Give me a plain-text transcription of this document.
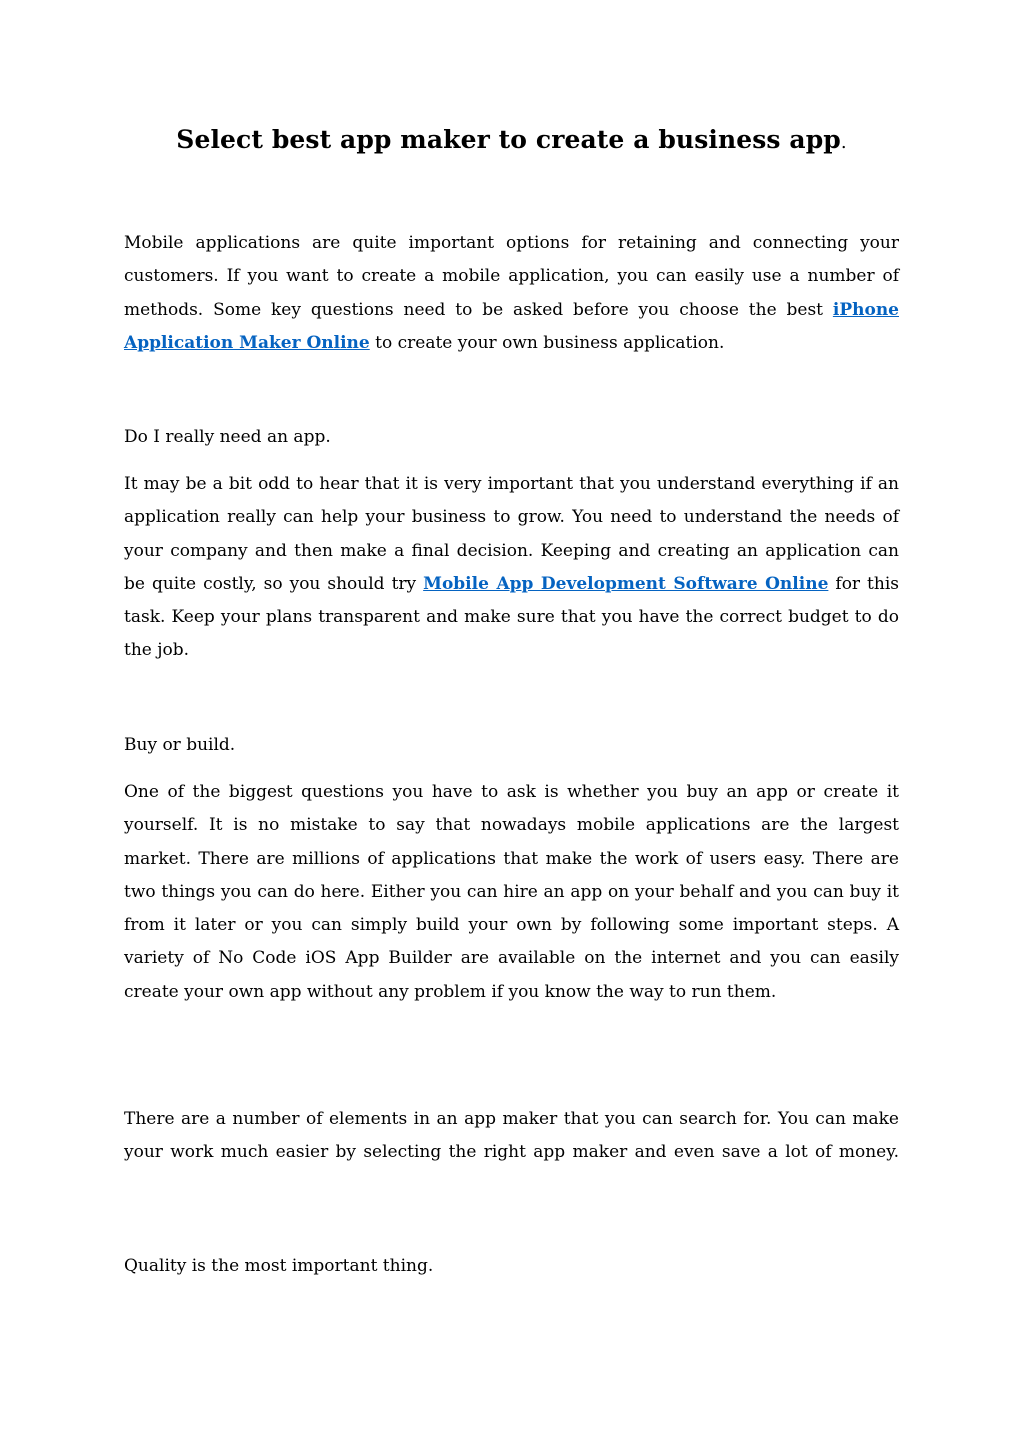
Select best app maker to create a business app.

Mobile applications are quite important options for retaining and connecting your customers. If you want to create a mobile application, you can easily use a number of methods. Some key questions need to be asked before you choose the best iPhone Application Maker Online to create your own business application.

Do I really need an app.

It may be a bit odd to hear that it is very important that you understand everything if an application really can help your business to grow. You need to understand the needs of your company and then make a final decision. Keeping and creating an application can be quite costly, so you should try Mobile App Development Software Online for this task. Keep your plans transparent and make sure that you have the correct budget to do the job.

Buy or build.

One of the biggest questions you have to ask is whether you buy an app or create it yourself. It is no mistake to say that nowadays mobile applications are the largest market. There are millions of applications that make the work of users easy. There are two things you can do here. Either you can hire an app on your behalf and you can buy it from it later or you can simply build your own by following some important steps. A variety of No Code iOS App Builder are available on the internet and you can easily create your own app without any problem if you know the way to run them.

There are a number of elements in an app maker that you can search for. You can make your work much easier by selecting the right app maker and even save a lot of money.

Quality is the most important thing.
